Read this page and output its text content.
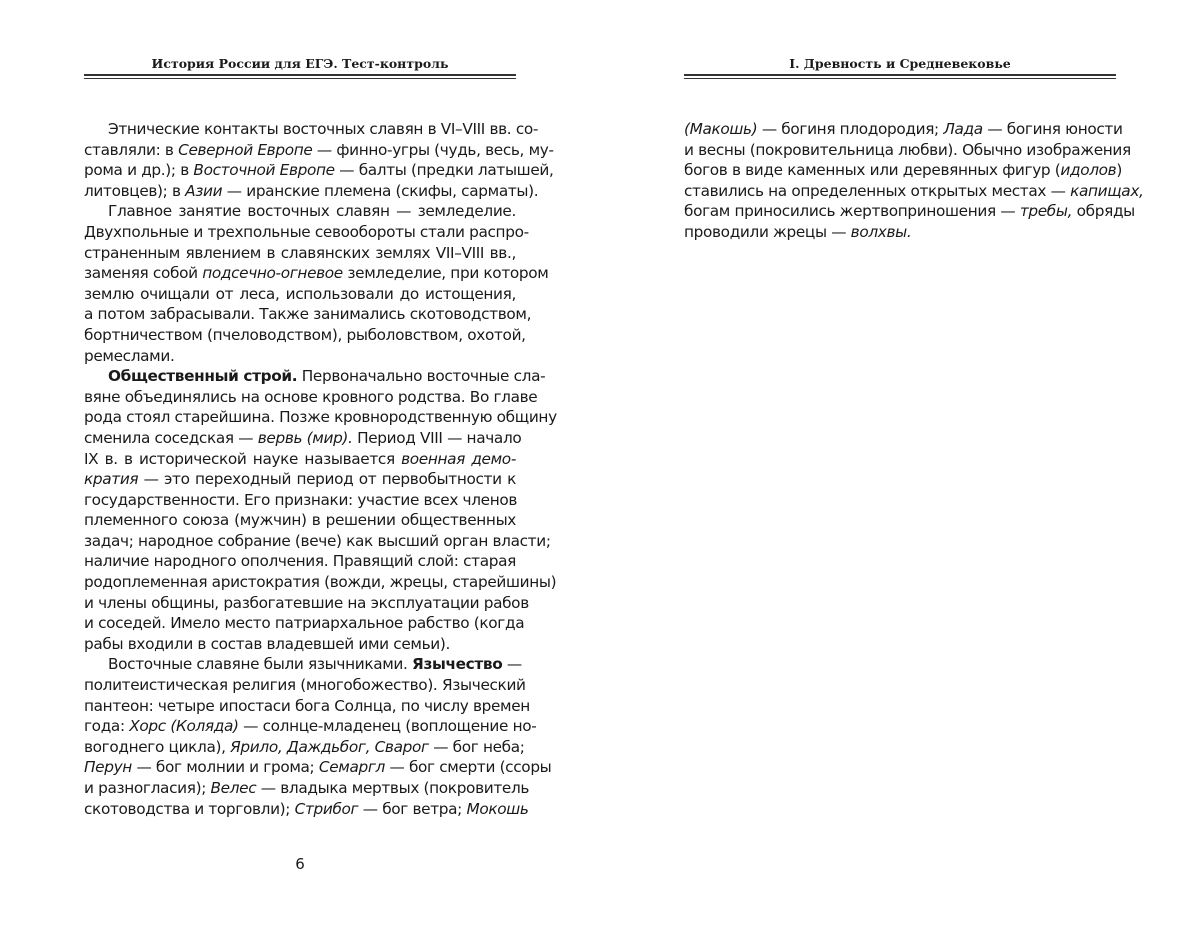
История России для ЕГЭ. Тест-контроль
Этнические контакты восточных славян в VI–VIII вв. со-
ставляли: в Северной Европе — финно-угры (чудь, весь, му-
рома и др.); в Восточной Европе — балты (предки латышей,
литовцев); в Азии — иранские племена (скифы, сарматы).
Главное занятие восточных славян — земледелие.
Двухпольные и трехпольные севообороты стали распро-
страненным явлением в славянских землях VII–VIII вв.,
заменяя собой подсечно-огневое земледелие, при котором
землю очищали от леса, использовали до истощения,
а потом забрасывали. Также занимались скотоводством,
бортничеством (пчеловодством), рыболовством, охотой,
ремеслами.
Общественный строй. Первоначально восточные сла-
вяне объединялись на основе кровного родства. Во главе
рода стоял старейшина. Позже кровнородственную общину
сменила соседская — вервь (мир). Период VIII — начало
IX в. в исторической науке называется военная демо-
кратия — это переходный период от первобытности к
государственности. Его признаки: участие всех членов
племенного союза (мужчин) в решении общественных
задач; народное собрание (вече) как высший орган власти;
наличие народного ополчения. Правящий слой: старая
родоплеменная аристократия (вожди, жрецы, старейшины)
и члены общины, разбогатевшие на эксплуатации рабов
и соседей. Имело место патриархальное рабство (когда
рабы входили в состав владевшей ими семьи).
Восточные славяне были язычниками. Язычество —
политеистическая религия (многобожество). Языческий
пантеон: четыре ипостаси бога Солнца, по числу времен
года: Хорс (Коляда) — солнце-младенец (воплощение но-
вогоднего цикла), Ярило, Даждьбог, Сварог — бог неба;
Перун — бог молнии и грома; Семаргл — бог смерти (ссоры
и разногласия); Велес — владыка мертвых (покровитель
скотоводства и торговли); Стрибог — бог ветра; Мокошь
6
I. Древность и Средневековье
(Макошь) — богиня плодородия; Лада — богиня юности
и весны (покровительница любви). Обычно изображения
богов в виде каменных или деревянных фигур (идолов)
ставились на определенных открытых местах — капищах,
богам приносились жертвоприношения — требы, обряды
проводили жрецы — волхвы.
